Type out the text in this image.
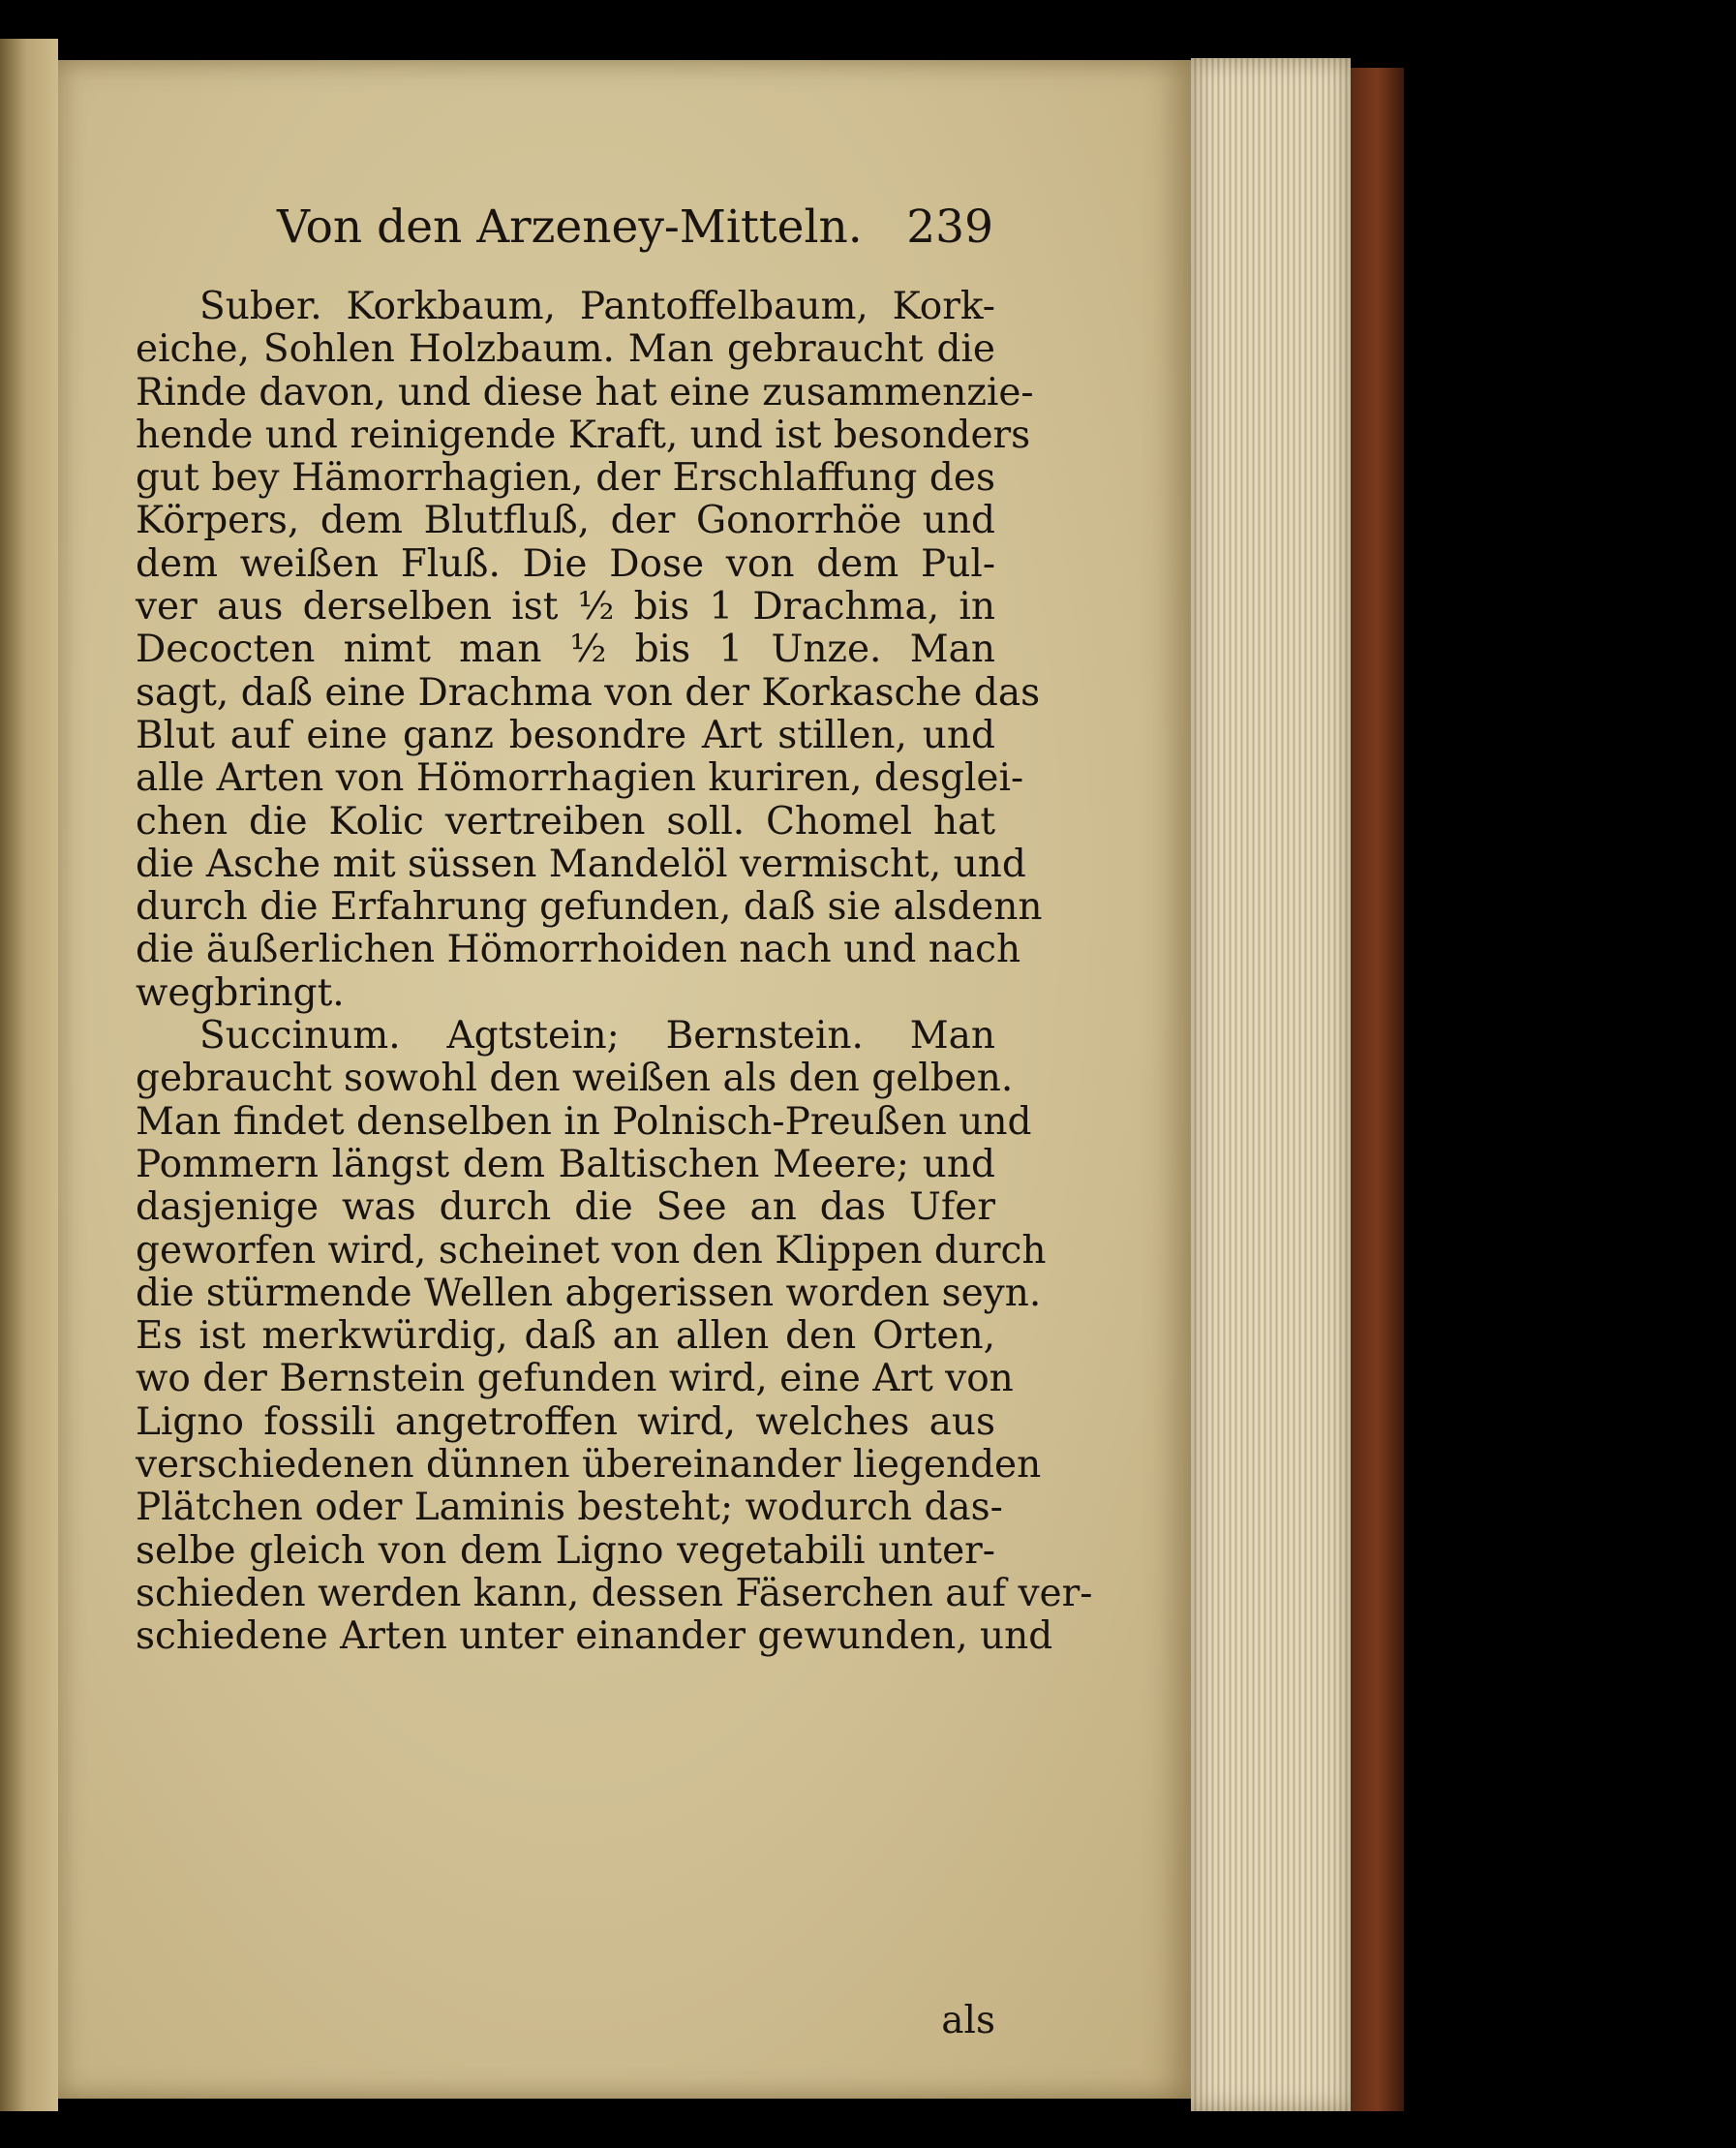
Von den Arzeney-Mitteln. 239
Suber. Korkbaum, Pantoffelbaum, Kork-
eiche, Sohlen Holzbaum. Man gebraucht die
Rinde davon, und diese hat eine zusammenzie-
hende und reinigende Kraft, und ist besonders
gut bey Hämorrhagien, der Erschlaffung des
Körpers, dem Blutfluß, der Gonorrhöe und
dem weißen Fluß. Die Dose von dem Pul-
ver aus derselben ist ½ bis 1 Drachma, in
Decocten nimt man ½ bis 1 Unze. Man
sagt, daß eine Drachma von der Korkasche das
Blut auf eine ganz besondre Art stillen, und
alle Arten von Hömorrhagien kuriren, desglei-
chen die Kolic vertreiben soll. Chomel hat
die Asche mit süssen Mandelöl vermischt, und
durch die Erfahrung gefunden, daß sie alsdenn
die äußerlichen Hömorrhoiden nach und nach
wegbringt.
Succinum. Agtstein; Bernstein. Man
gebraucht sowohl den weißen als den gelben.
Man findet denselben in Polnisch-Preußen und
Pommern längst dem Baltischen Meere; und
dasjenige was durch die See an das Ufer
geworfen wird, scheinet von den Klippen durch
die stürmende Wellen abgerissen worden seyn.
Es ist merkwürdig, daß an allen den Orten,
wo der Bernstein gefunden wird, eine Art von
Ligno fossili angetroffen wird, welches aus
verschiedenen dünnen übereinander liegenden
Plätchen oder Laminis besteht; wodurch das-
selbe gleich von dem Ligno vegetabili unter-
schieden werden kann, dessen Fäserchen auf ver-
schiedene Arten unter einander gewunden, und
als
